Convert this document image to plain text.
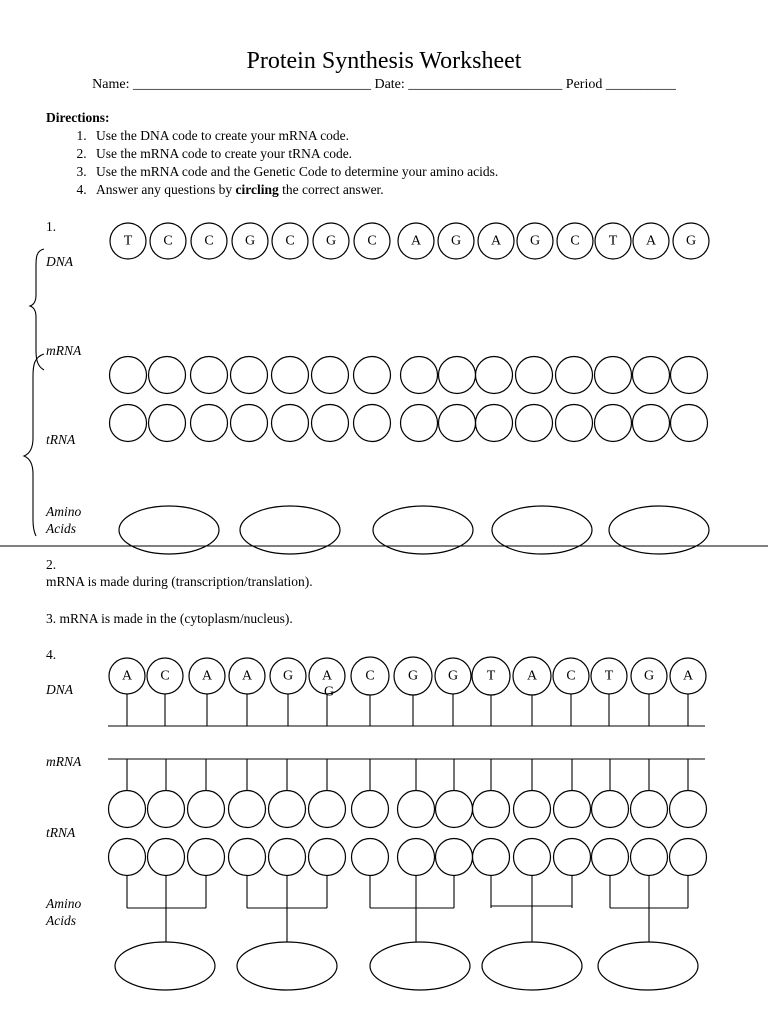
Protein Synthesis Worksheet
Name: __________________________________ Date: ______________________ Period __________
Directions:
1. Use the DNA code to create your mRNA code.
2. Use the mRNA code to create your tRNA code.
3. Use the mRNA code and the Genetic Code to determine your amino acids.
4. Answer any questions by circling the correct answer.
1.
DNA
mRNA
tRNA
Amino
Acids
2.
mRNA is made during (transcription/translation).
3. mRNA is made in the (cytoplasm/nucleus).
4.
DNA
mRNA
tRNA
Amino
Acids
T C C G C G C A G A G C T A G
A C A A G A C G G T A C T G A
G
